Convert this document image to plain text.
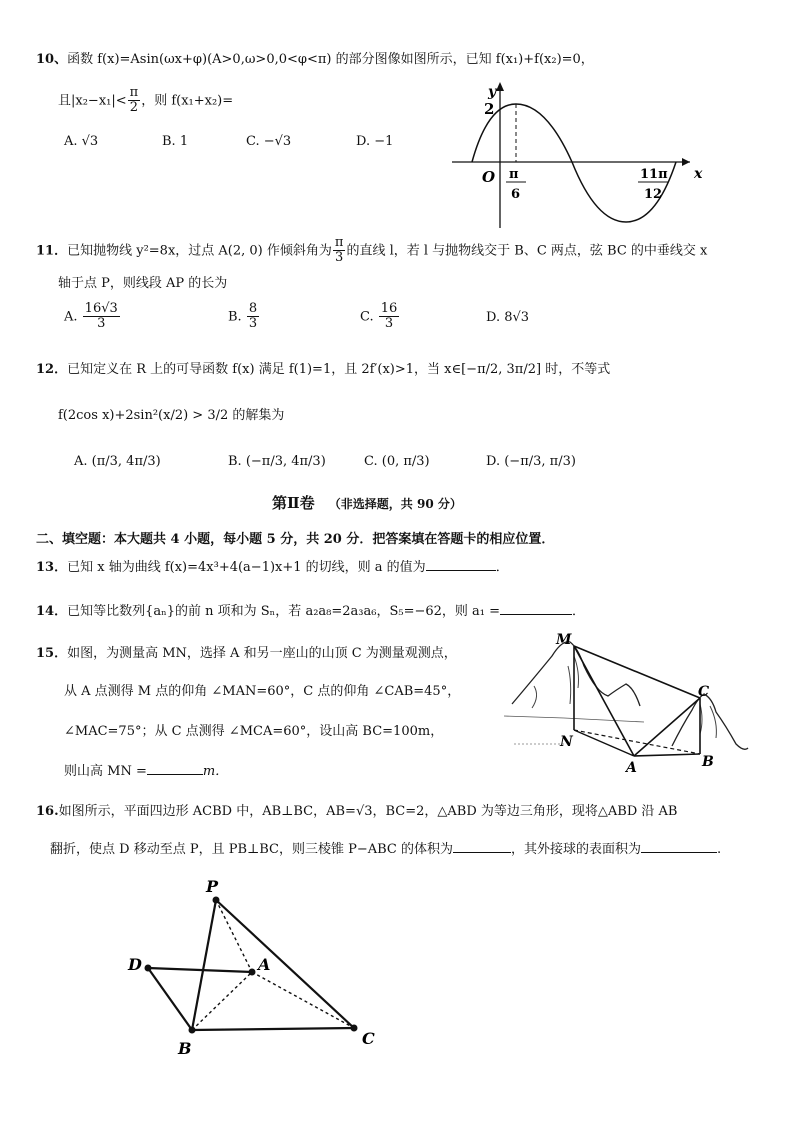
10、函数 f(x)=Asin(ωx+φ)(A>0,ω>0,0<φ<π) 的部分图像如图所示，已知 f(x₁)+f(x₂)=0，
且$|x_2-x_1|< \frac{\pi}{2}$ ，则 f(x₁+x₂)=
A. √3	B. 1	C. −√3	D. −1
y
2
O	x
π
6
11π
12
11．已知抛物线 y²=8x，过点 A(2, 0) 作倾斜角为 $\frac{\pi}{3}$ 的直线 l，若 l 与抛物线交于 B、C 两点，弦 BC 的中垂线交 x
轴于点 P，则线段 AP 的长为
A. $\frac{16√3}{3}$	B. $\frac{8}{3}$	C. $\frac{16}{3}$	D. 8√3
12．已知定义在 R 上的可导函数 f(x) 满足 f(1)=1，且 2f′(x)>1，当 x∈[−π/2, 3π/2] 时，不等式
f(2cos x)+2sin²(x/2) > 3/2 的解集为
A. (π/3, 4π/3)	B. (−π/3, 4π/3)	C. (0, π/3)	D. (−π/3, π/3)
第Ⅱ卷 （非选择题，共 90 分）
二、填空题：本大题共 4 小题，每小题 5 分，共 20 分．把答案填在答题卡的相应位置．
13．已知 x 轴为曲线 f(x)=4x³+4(a−1)x+1 的切线，则 a 的值为	．
14．已知等比数列{aₙ}的前 n 项和为 Sₙ，若 a₂a₈=2a₃a₆，S₅=−62，则 a₁ =	．
15．如图，为测量高 MN，选择 A 和另一座山的山顶 C 为测量观测点，
从 A 点测得 M 点的仰角 ∠MAN=60°，C 点的仰角 ∠CAB=45°，
∠MAC=75°；从 C 点测得 ∠MCA=60°，设山高 BC=100m，
则山高 MN =	m．
M
N
A	B
C
16.如图所示，平面四边形 ACBD 中，AB⊥BC，AB=√3，BC=2，△ABD 为等边三角形，现将△ABD 沿 AB
翻折，使点 D 移动至点 P，且 PB⊥BC，则三棱锥 P−ABC 的体积为	，其外接球的表面积为	.
P
D	A
B
C
